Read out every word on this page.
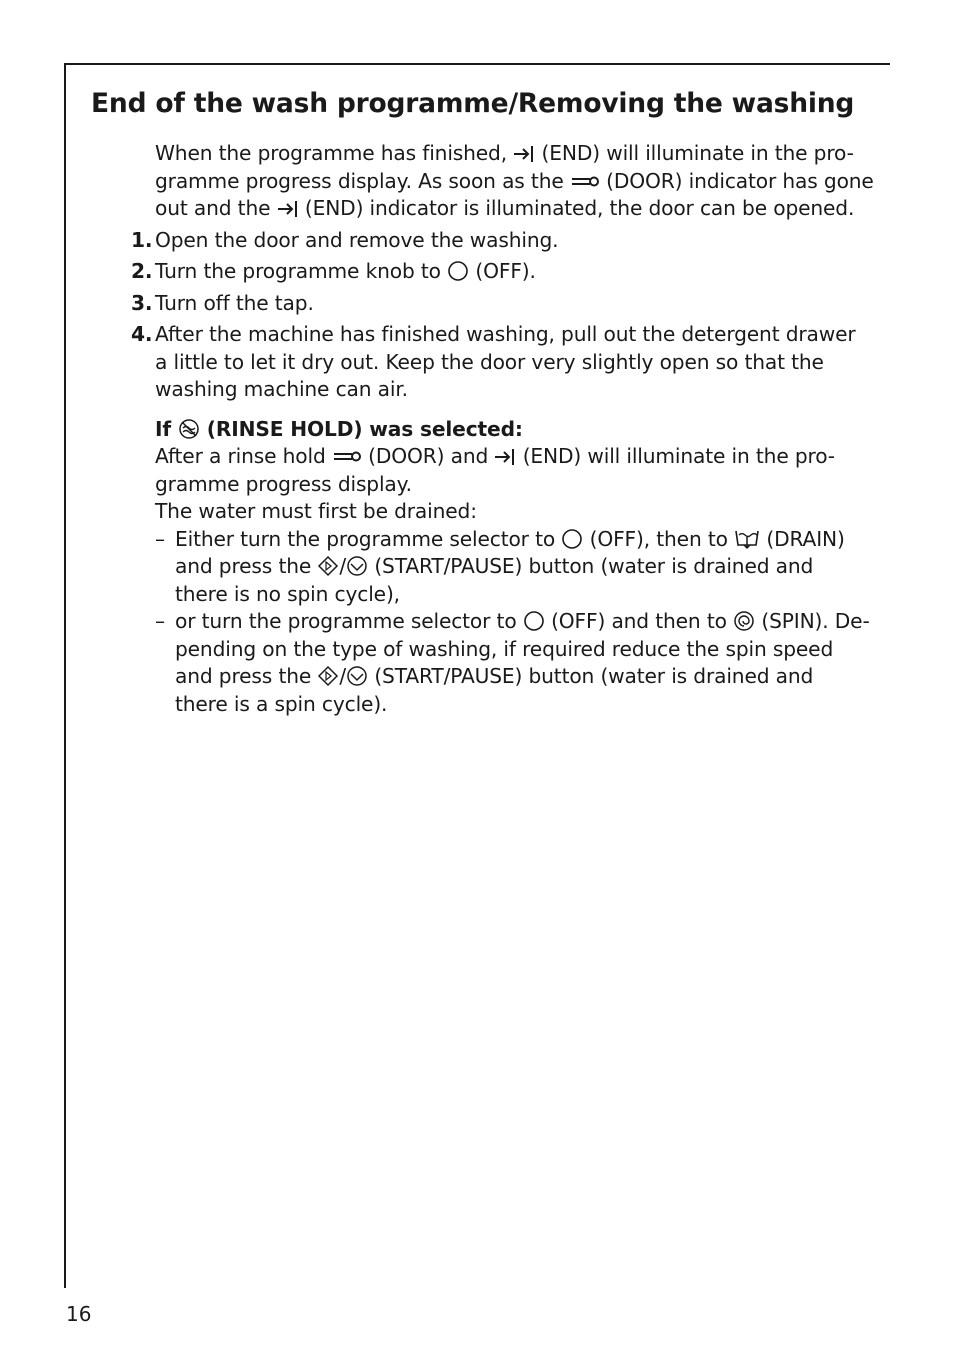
End of the wash programme/Removing the washing

When the programme has finished,  (END) will illuminate in the pro-
gramme progress display. As soon as the  (DOOR) indicator has gone
out and the  (END) indicator is illuminated, the door can be opened.

1. Open the door and remove the washing.
2. Turn the programme knob to  (OFF).
3. Turn off the tap.
4. After the machine has finished washing, pull out the detergent drawer
a little to let it dry out. Keep the door very slightly open so that the
washing machine can air.
If  (RINSE HOLD) was selected:
After a rinse hold  (DOOR) and  (END) will illuminate in the pro-
gramme progress display.
The water must first be drained:
– Either turn the programme selector to  (OFF), then to  (DRAIN)
and press the / (START/PAUSE) button (water is drained and
there is no spin cycle),
– or turn the programme selector to  (OFF) and then to  (SPIN). De-
pending on the type of washing, if required reduce the spin speed
and press the / (START/PAUSE) button (water is drained and
there is a spin cycle).
16
